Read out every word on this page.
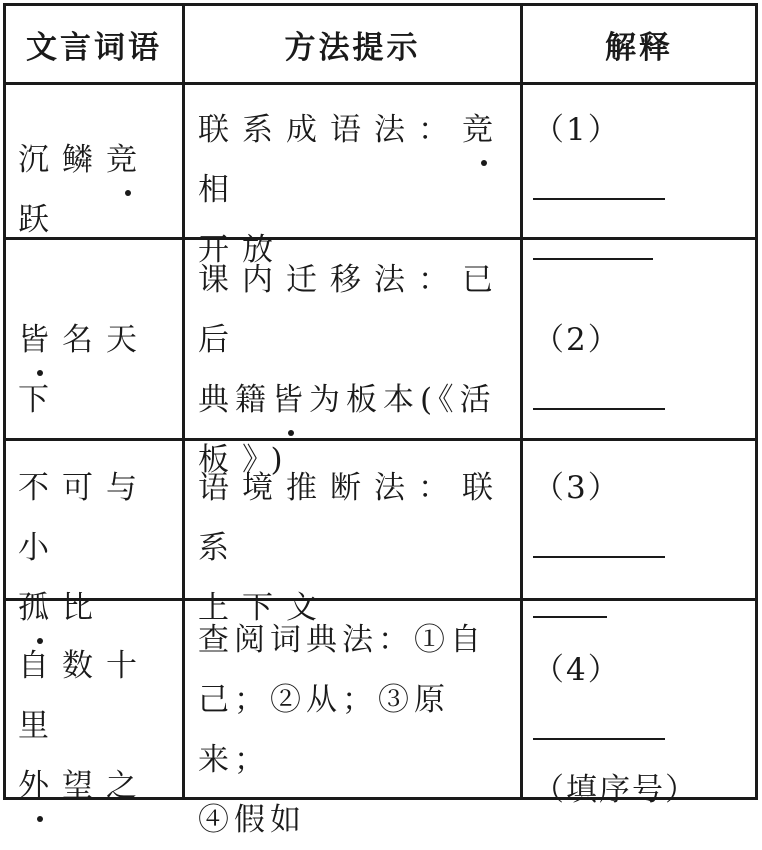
文言词语	方法提示	解释
沉鳞竞跃
联系成语法：竞相
开放
（1）
皆名天下
课内迁移法：已后
典籍皆为板本(《活
板》)
（2）
不可与小
孤比
语境推断法：联系
上下文
（3）
自数十里
外望之
查阅词典法：①自
己；②从；③原来；
④假如
（4）
（填序号）
